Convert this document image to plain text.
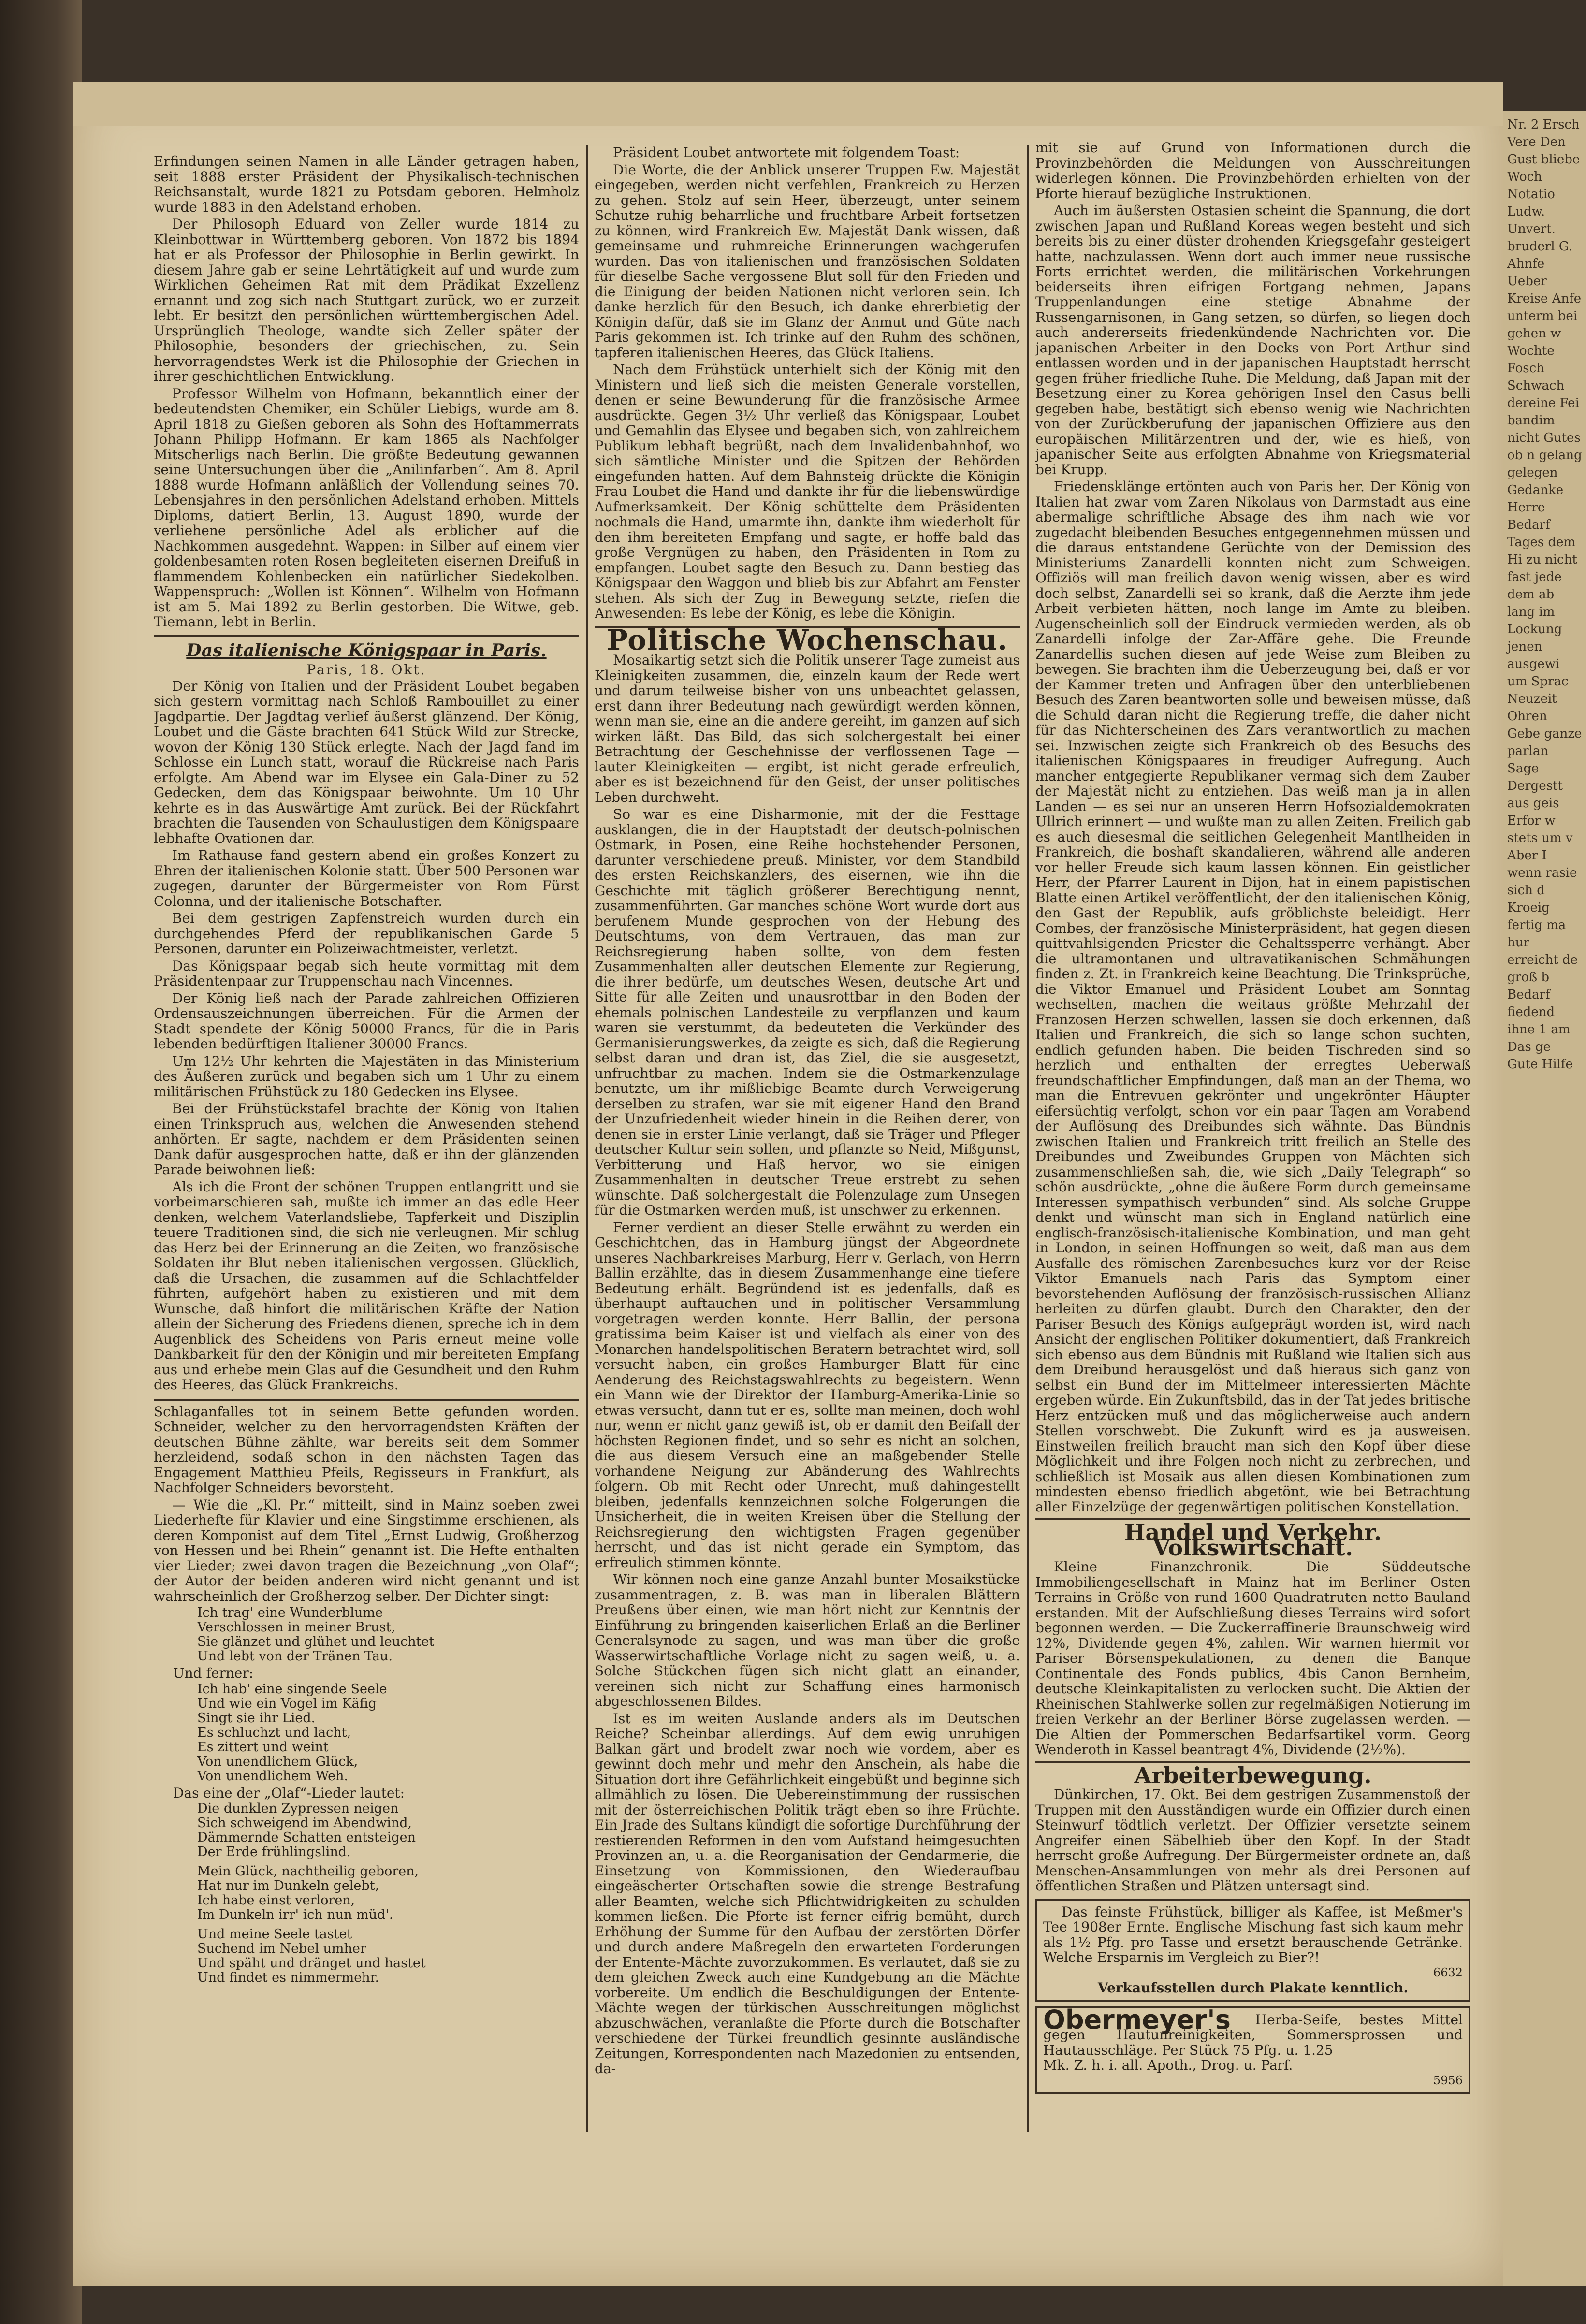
Erfindungen seinen Namen in alle Länder getragen haben, seit 1888 erster Präsident der Physikalisch-technischen Reichsanstalt, wurde 1821 zu Potsdam geboren. Helmholz wurde 1883 in den Adelstand erhoben.

Der Philosoph Eduard von Zeller wurde 1814 zu Kleinbottwar in Württemberg geboren. Von 1872 bis 1894 hat er als Professor der Philosophie in Berlin gewirkt. In diesem Jahre gab er seine Lehrtätigkeit auf und wurde zum Wirklichen Geheimen Rat mit dem Prädikat Exzellenz ernannt und zog sich nach Stuttgart zurück, wo er zurzeit lebt. Er besitzt den persönlichen württembergischen Adel. Ursprünglich Theologe, wandte sich Zeller später der Philosophie, besonders der griechischen, zu. Sein hervorragendstes Werk ist die Philosophie der Griechen in ihrer geschichtlichen Entwicklung.

Professor Wilhelm von Hofmann, bekanntlich einer der bedeutendsten Chemiker, ein Schüler Liebigs, wurde am 8. April 1818 zu Gießen geboren als Sohn des Hoftammerrats Johann Philipp Hofmann. Er kam 1865 als Nachfolger Mitscherligs nach Berlin. Die größte Bedeutung gewannen seine Untersuchungen über die „Anilinfarben“. Am 8. April 1888 wurde Hofmann anläßlich der Vollendung seines 70. Lebensjahres in den persönlichen Adelstand erhoben. Mittels Diploms, datiert Berlin, 13. August 1890, wurde der verliehene persönliche Adel als erblicher auf die Nachkommen ausgedehnt. Wappen: in Silber auf einem vier goldenbesamten roten Rosen begleiteten eisernen Dreifuß in flammendem Kohlenbecken ein natürlicher Siedekolben. Wappenspruch: „Wollen ist Können“. Wilhelm von Hofmann ist am 5. Mai 1892 zu Berlin gestorben. Die Witwe, geb. Tiemann, lebt in Berlin.

Das italienische Königspaar in Paris.
Paris, 18. Okt.

Der König von Italien und der Präsident Loubet begaben sich gestern vormittag nach Schloß Rambouillet zu einer Jagdpartie. Der Jagdtag verlief äußerst glänzend. Der König, Loubet und die Gäste brachten 641 Stück Wild zur Strecke, wovon der König 130 Stück erlegte. Nach der Jagd fand im Schlosse ein Lunch statt, worauf die Rückreise nach Paris erfolgte. Am Abend war im Elysee ein Gala-Diner zu 52 Gedecken, dem das Königspaar beiwohnte. Um 10 Uhr kehrte es in das Auswärtige Amt zurück. Bei der Rückfahrt brachten die Tausenden von Schaulustigen dem Königspaare lebhafte Ovationen dar.

Im Rathause fand gestern abend ein großes Konzert zu Ehren der italienischen Kolonie statt. Über 500 Personen war zugegen, darunter der Bürgermeister von Rom Fürst Colonna, und der italienische Botschafter.

Bei dem gestrigen Zapfenstreich wurden durch ein durchgehendes Pferd der republikanischen Garde 5 Personen, darunter ein Polizeiwachtmeister, verletzt.

Das Königspaar begab sich heute vormittag mit dem Präsidentenpaar zur Truppenschau nach Vincennes.

Der König ließ nach der Parade zahlreichen Offizieren Ordensauszeichnungen überreichen. Für die Armen der Stadt spendete der König 50000 Francs, für die in Paris lebenden bedürftigen Italiener 30000 Francs.

Um 12½ Uhr kehrten die Majestäten in das Ministerium des Äußeren zurück und begaben sich um 1 Uhr zu einem militärischen Frühstück zu 180 Gedecken ins Elysee.

Bei der Frühstückstafel brachte der König von Italien einen Trinkspruch aus, welchen die Anwesenden stehend anhörten. Er sagte, nachdem er dem Präsidenten seinen Dank dafür ausgesprochen hatte, daß er ihn der glänzenden Parade beiwohnen ließ:

Als ich die Front der schönen Truppen entlangritt und sie vorbeimarschieren sah, mußte ich immer an das edle Heer denken, welchem Vaterlandsliebe, Tapferkeit und Disziplin teuere Traditionen sind, die sich nie verleugnen. Mir schlug das Herz bei der Erinnerung an die Zeiten, wo französische Soldaten ihr Blut neben italienischen vergossen. Glücklich, daß die Ursachen, die zusammen auf die Schlachtfelder führten, aufgehört haben zu existieren und mit dem Wunsche, daß hinfort die militärischen Kräfte der Nation allein der Sicherung des Friedens dienen, spreche ich in dem Augenblick des Scheidens von Paris erneut meine volle Dankbarkeit für den der Königin und mir bereiteten Empfang aus und erhebe mein Glas auf die Gesundheit und den Ruhm des Heeres, das Glück Frankreichs.

Schlaganfalles tot in seinem Bette gefunden worden. Schneider, welcher zu den hervorragendsten Kräften der deutschen Bühne zählte, war bereits seit dem Sommer herzleidend, sodaß schon in den nächsten Tagen das Engagement Matthieu Pfeils, Regisseurs in Frankfurt, als Nachfolger Schneiders bevorsteht.

— Wie die „Kl. Pr.“ mitteilt, sind in Mainz soeben zwei Liederhefte für Klavier und eine Singstimme erschienen, als deren Komponist auf dem Titel „Ernst Ludwig, Großherzog von Hessen und bei Rhein“ genannt ist. Die Hefte enthalten vier Lieder; zwei davon tragen die Bezeichnung „von Olaf“; der Autor der beiden anderen wird nicht genannt und ist wahrscheinlich der Großherzog selber. Der Dichter singt:

Ich trag' eine Wunderblume
Verschlossen in meiner Brust,
Sie glänzet und glühet und leuchtet
Und lebt von der Tränen Tau.
Und ferner:
Ich hab' eine singende Seele
Und wie ein Vogel im Käfig
Singt sie ihr Lied.
Es schluchzt und lacht,
Es zittert und weint
Von unendlichem Glück,
Von unendlichem Weh.
Das eine der „Olaf“-Lieder lautet:
Die dunklen Zypressen neigen
Sich schweigend im Abendwind,
Dämmernde Schatten entsteigen
Der Erde frühlingslind.
Mein Glück, nachtheilig geboren,
Hat nur im Dunkeln gelebt,
Ich habe einst verloren,
Im Dunkeln irr' ich nun müd'.
Und meine Seele tastet
Suchend im Nebel umher
Und späht und dränget und hastet
Und findet es nimmermehr.

Präsident Loubet antwortete mit folgendem Toast:

Die Worte, die der Anblick unserer Truppen Ew. Majestät eingegeben, werden nicht verfehlen, Frankreich zu Herzen zu gehen. Stolz auf sein Heer, überzeugt, unter seinem Schutze ruhig beharrliche und fruchtbare Arbeit fortsetzen zu können, wird Frankreich Ew. Majestät Dank wissen, daß gemeinsame und ruhmreiche Erinnerungen wachgerufen wurden. Das von italienischen und französischen Soldaten für dieselbe Sache vergossene Blut soll für den Frieden und die Einigung der beiden Nationen nicht verloren sein. Ich danke herzlich für den Besuch, ich danke ehrerbietig der Königin dafür, daß sie im Glanz der Anmut und Güte nach Paris gekommen ist. Ich trinke auf den Ruhm des schönen, tapferen italienischen Heeres, das Glück Italiens.

Nach dem Frühstück unterhielt sich der König mit den Ministern und ließ sich die meisten Generale vorstellen, denen er seine Bewunderung für die französische Armee ausdrückte. Gegen 3½ Uhr verließ das Königspaar, Loubet und Gemahlin das Elysee und begaben sich, von zahlreichem Publikum lebhaft begrüßt, nach dem Invalidenbahnhof, wo sich sämtliche Minister und die Spitzen der Behörden eingefunden hatten. Auf dem Bahnsteig drückte die Königin Frau Loubet die Hand und dankte ihr für die liebenswürdige Aufmerksamkeit. Der König schüttelte dem Präsidenten nochmals die Hand, umarmte ihn, dankte ihm wiederholt für den ihm bereiteten Empfang und sagte, er hoffe bald das große Vergnügen zu haben, den Präsidenten in Rom zu empfangen. Loubet sagte den Besuch zu. Dann bestieg das Königspaar den Waggon und blieb bis zur Abfahrt am Fenster stehen. Als sich der Zug in Bewegung setzte, riefen die Anwesenden: Es lebe der König, es lebe die Königin.

Politische Wochenschau.

Mosaikartig setzt sich die Politik unserer Tage zumeist aus Kleinigkeiten zusammen, die, einzeln kaum der Rede wert und darum teilweise bisher von uns unbeachtet gelassen, erst dann ihrer Bedeutung nach gewürdigt werden können, wenn man sie, eine an die andere gereiht, im ganzen auf sich wirken läßt. Das Bild, das sich solchergestalt bei einer Betrachtung der Geschehnisse der verflossenen Tage — lauter Kleinigkeiten — ergibt, ist nicht gerade erfreulich, aber es ist bezeichnend für den Geist, der unser politisches Leben durchweht.

So war es eine Disharmonie, mit der die Festtage ausklangen, die in der Hauptstadt der deutsch-polnischen Ostmark, in Posen, eine Reihe hochstehender Personen, darunter verschiedene preuß. Minister, vor dem Standbild des ersten Reichskanzlers, des eisernen, wie ihn die Geschichte mit täglich größerer Berechtigung nennt, zusammenführten. Gar manches schöne Wort wurde dort aus berufenem Munde gesprochen von der Hebung des Deutschtums, von dem Vertrauen, das man zur Reichsregierung haben sollte, von dem festen Zusammenhalten aller deutschen Elemente zur Regierung, die ihrer bedürfe, um deutsches Wesen, deutsche Art und Sitte für alle Zeiten und unausrottbar in den Boden der ehemals polnischen Landesteile zu verpflanzen und kaum waren sie verstummt, da bedeuteten die Verkünder des Germanisierungswerkes, da zeigte es sich, daß die Regierung selbst daran und dran ist, das Ziel, die sie ausgesetzt, unfruchtbar zu machen. Indem sie die Ostmarkenzulage benutzte, um ihr mißliebige Beamte durch Verweigerung derselben zu strafen, war sie mit eigener Hand den Brand der Unzufriedenheit wieder hinein in die Reihen derer, von denen sie in erster Linie verlangt, daß sie Träger und Pfleger deutscher Kultur sein sollen, und pflanzte so Neid, Mißgunst, Verbitterung und Haß hervor, wo sie einigen Zusammenhalten in deutscher Treue erstrebt zu sehen wünschte. Daß solchergestalt die Polenzulage zum Unsegen für die Ostmarken werden muß, ist unschwer zu erkennen.

Ferner verdient an dieser Stelle erwähnt zu werden ein Geschichtchen, das in Hamburg jüngst der Abgeordnete unseres Nachbarkreises Marburg, Herr v. Gerlach, von Herrn Ballin erzählte, das in diesem Zusammenhange eine tiefere Bedeutung erhält. Begründend ist es jedenfalls, daß es überhaupt auftauchen und in politischer Versammlung vorgetragen werden konnte. Herr Ballin, der persona gratissima beim Kaiser ist und vielfach als einer von des Monarchen handelspolitischen Beratern betrachtet wird, soll versucht haben, ein großes Hamburger Blatt für eine Aenderung des Reichstagswahlrechts zu begeistern. Wenn ein Mann wie der Direktor der Hamburg-Amerika-Linie so etwas versucht, dann tut er es, sollte man meinen, doch wohl nur, wenn er nicht ganz gewiß ist, ob er damit den Beifall der höchsten Regionen findet, und so sehr es nicht an solchen, die aus diesem Versuch eine an maßgebender Stelle vorhandene Neigung zur Abänderung des Wahlrechts folgern. Ob mit Recht oder Unrecht, muß dahingestellt bleiben, jedenfalls kennzeichnen solche Folgerungen die Unsicherheit, die in weiten Kreisen über die Stellung der Reichsregierung den wichtigsten Fragen gegenüber herrscht, und das ist nicht gerade ein Symptom, das erfreulich stimmen könnte.

Wir können noch eine ganze Anzahl bunter Mosaikstücke zusammentragen, z. B. was man in liberalen Blättern Preußens über einen, wie man hört nicht zur Kenntnis der Einführung zu bringenden kaiserlichen Erlaß an die Berliner Generalsynode zu sagen, und was man über die große Wasserwirtschaftliche Vorlage nicht zu sagen weiß, u. a. Solche Stückchen fügen sich nicht glatt an einander, vereinen sich nicht zur Schaffung eines harmonisch abgeschlossenen Bildes.

Ist es im weiten Auslande anders als im Deutschen Reiche? Scheinbar allerdings. Auf dem ewig unruhigen Balkan gärt und brodelt zwar noch wie vordem, aber es gewinnt doch mehr und mehr den Anschein, als habe die Situation dort ihre Gefährlichkeit eingebüßt und beginne sich allmählich zu lösen. Die Uebereinstimmung der russischen mit der österreichischen Politik trägt eben so ihre Früchte. Ein Jrade des Sultans kündigt die sofortige Durchführung der restierenden Reformen in den vom Aufstand heimgesuchten Provinzen an, u. a. die Reorganisation der Gendarmerie, die Einsetzung von Kommissionen, den Wiederaufbau eingeäscherter Ortschaften sowie die strenge Bestrafung aller Beamten, welche sich Pflichtwidrigkeiten zu schulden kommen ließen. Die Pforte ist ferner eifrig bemüht, durch Erhöhung der Summe für den Aufbau der zerstörten Dörfer und durch andere Maßregeln den erwarteten Forderungen der Entente-Mächte zuvorzukommen. Es verlautet, daß sie zu dem gleichen Zweck auch eine Kundgebung an die Mächte vorbereite. Um endlich die Beschuldigungen der Entente-Mächte wegen der türkischen Ausschreitungen möglichst abzuschwächen, veranlaßte die Pforte durch die Botschafter verschiedene der Türkei freundlich gesinnte ausländische Zeitungen, Korrespondenten nach Mazedonien zu entsenden, da-

mit sie auf Grund von Informationen durch die Provinzbehörden die Meldungen von Ausschreitungen widerlegen können. Die Provinzbehörden erhielten von der Pforte hierauf bezügliche Instruktionen.

Auch im äußersten Ostasien scheint die Spannung, die dort zwischen Japan und Rußland Koreas wegen besteht und sich bereits bis zu einer düster drohenden Kriegsgefahr gesteigert hatte, nachzulassen. Wenn dort auch immer neue russische Forts errichtet werden, die militärischen Vorkehrungen beiderseits ihren eifrigen Fortgang nehmen, Japans Truppenlandungen eine stetige Abnahme der Russengarnisonen, in Gang setzen, so dürfen, so liegen doch auch andererseits friedenkündende Nachrichten vor. Die japanischen Arbeiter in den Docks von Port Arthur sind entlassen worden und in der japanischen Hauptstadt herrscht gegen früher friedliche Ruhe. Die Meldung, daß Japan mit der Besetzung einer zu Korea gehörigen Insel den Casus belli gegeben habe, bestätigt sich ebenso wenig wie Nachrichten von der Zurückberufung der japanischen Offiziere aus den europäischen Militärzentren und der, wie es hieß, von japanischer Seite aus erfolgten Abnahme von Kriegsmaterial bei Krupp.

Friedensklänge ertönten auch von Paris her. Der König von Italien hat zwar vom Zaren Nikolaus von Darmstadt aus eine abermalige schriftliche Absage des ihm nach wie vor zugedacht bleibenden Besuches entgegennehmen müssen und die daraus entstandene Gerüchte von der Demission des Ministeriums Zanardelli konnten nicht zum Schweigen. Offiziös will man freilich davon wenig wissen, aber es wird doch selbst, Zanardelli sei so krank, daß die Aerzte ihm jede Arbeit verbieten hätten, noch lange im Amte zu bleiben. Augenscheinlich soll der Eindruck vermieden werden, als ob Zanardelli infolge der Zar-Affäre gehe. Die Freunde Zanardellis suchen diesen auf jede Weise zum Bleiben zu bewegen. Sie brachten ihm die Ueberzeugung bei, daß er vor der Kammer treten und Anfragen über den unterbliebenen Besuch des Zaren beantworten solle und beweisen müsse, daß die Schuld daran nicht die Regierung treffe, die daher nicht für das Nichterscheinen des Zars verantwortlich zu machen sei. Inzwischen zeigte sich Frankreich ob des Besuchs des italienischen Königspaares in freudiger Aufregung. Auch mancher entgegierte Republikaner vermag sich dem Zauber der Majestät nicht zu entziehen. Das weiß man ja in allen Landen — es sei nur an unseren Herrn Hofsozialdemokraten Ullrich erinnert — und wußte man zu allen Zeiten. Freilich gab es auch diesesmal die seitlichen Gelegenheit Mantlheiden in Frankreich, die boshaft skandalieren, während alle anderen vor heller Freude sich kaum lassen können. Ein geistlicher Herr, der Pfarrer Laurent in Dijon, hat in einem papistischen Blatte einen Artikel veröffentlicht, der den italienischen König, den Gast der Republik, aufs gröblichste beleidigt. Herr Combes, der französische Ministerpräsident, hat gegen diesen quittvahlsigenden Priester die Gehaltssperre verhängt. Aber die ultramontanen und ultravatikanischen Schmähungen finden z. Zt. in Frankreich keine Beachtung. Die Trinksprüche, die Viktor Emanuel und Präsident Loubet am Sonntag wechselten, machen die weitaus größte Mehrzahl der Franzosen Herzen schwellen, lassen sie doch erkennen, daß Italien und Frankreich, die sich so lange schon suchten, endlich gefunden haben. Die beiden Tischreden sind so herzlich und enthalten der erregtes Ueberwaß freundschaftlicher Empfindungen, daß man an der Thema, wo man die Entrevuen gekrönter und ungekrönter Häupter eifersüchtig verfolgt, schon vor ein paar Tagen am Vorabend der Auflösung des Dreibundes sich wähnte. Das Bündnis zwischen Italien und Frankreich tritt freilich an Stelle des Dreibundes und Zweibundes Gruppen von Mächten sich zusammenschließen sah, die, wie sich „Daily Telegraph“ so schön ausdrückte, „ohne die äußere Form durch gemeinsame Interessen sympathisch verbunden“ sind. Als solche Gruppe denkt und wünscht man sich in England natürlich eine englisch-französisch-italienische Kombination, und man geht in London, in seinen Hoffnungen so weit, daß man aus dem Ausfalle des römischen Zarenbesuches kurz vor der Reise Viktor Emanuels nach Paris das Symptom einer bevorstehenden Auflösung der französisch-russischen Allianz herleiten zu dürfen glaubt. Durch den Charakter, den der Pariser Besuch des Königs aufgeprägt worden ist, wird nach Ansicht der englischen Politiker dokumentiert, daß Frankreich sich ebenso aus dem Bündnis mit Rußland wie Italien sich aus dem Dreibund herausgelöst und daß hieraus sich ganz von selbst ein Bund der im Mittelmeer interessierten Mächte ergeben würde. Ein Zukunftsbild, das in der Tat jedes britische Herz entzücken muß und das möglicherweise auch andern Stellen vorschwebt. Die Zukunft wird es ja ausweisen. Einstweilen freilich braucht man sich den Kopf über diese Möglichkeit und ihre Folgen noch nicht zu zerbrechen, und schließlich ist Mosaik aus allen diesen Kombinationen zum mindesten ebenso friedlich abgetönt, wie bei Betrachtung aller Einzelzüge der gegenwärtigen politischen Konstellation.

Handel und Verkehr. Volkswirtschaft.

Kleine Finanzchronik. Die Süddeutsche Immobiliengesellschaft in Mainz hat im Berliner Osten Terrains in Größe von rund 1600 Quadratruten netto Bauland erstanden. Mit der Aufschließung dieses Terrains wird sofort begonnen werden. — Die Zuckerraffinerie Braunschweig wird 12%, Dividende gegen 4%, zahlen. Wir warnen hiermit vor Pariser Börsenspekulationen, zu denen die Banque Continentale des Fonds publics, 4bis Canon Bernheim, deutsche Kleinkapitalisten zu verlocken sucht. Die Aktien der Rheinischen Stahlwerke sollen zur regelmäßigen Notierung im freien Verkehr an der Berliner Börse zugelassen werden. — Die Altien der Pommerschen Bedarfsartikel vorm. Georg Wenderoth in Kassel beantragt 4%, Dividende (2½%).

Arbeiterbewegung.

Dünkirchen, 17. Okt. Bei dem gestrigen Zusammenstoß der Truppen mit den Ausständigen wurde ein Offizier durch einen Steinwurf tödtlich verletzt. Der Offizier versetzte seinem Angreifer einen Säbelhieb über den Kopf. In der Stadt herrscht große Aufregung. Der Bürgermeister ordnete an, daß Menschen-Ansammlungen von mehr als drei Personen auf öffentlichen Straßen und Plätzen untersagt sind.

Das feinste Frühstück, billiger als Kaffee, ist Meßmer's Tee 1908er Ernte. Englische Mischung fast sich kaum mehr als 1½ Pfg. pro Tasse und ersetzt berauschende Getränke. Welche Ersparnis im Vergleich zu Bier?!

6632
Verkaufsstellen durch Plakate kenntlich.
Obermeyer's Herba-Seife, bestes Mittel gegen Hautunreinigkeiten, Sommersprossen und Hautausschläge. Per Stück 75 Pfg. u. 1.25
Mk. Z. h. i. all. Apoth., Drog. u. Parf.
5956
Nr. 2 Ersch Vere Den Gust bliebe Woch Notatio Ludw. Unvert. bruderl G. Ahnfe Ueber Kreise Anfe unterm bei gehen w Wochte Fosch Schwach dereine Fei bandim nicht Gutes ob n gelang gelegen Gedanke Herre Bedarf Tages dem Hi zu nicht fast jede dem ab lang im Lockung jenen ausgewi um Sprac Neuzeit Ohren Gebe ganze parlan Sage Dergestt aus geis Erfor w stets um v Aber I wenn rasie sich d Kroeig fertig ma hur erreicht de groß b Bedarf fiedend ihne 1 am Das ge Gute Hilfe
